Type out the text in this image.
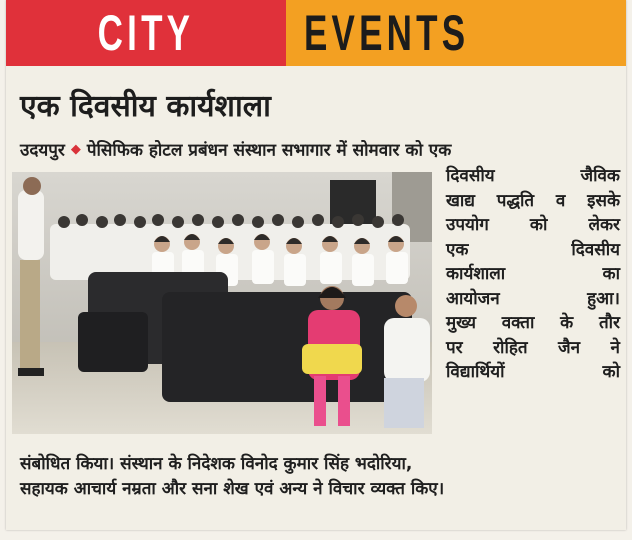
CITY EVENTS
एक दिवसीय कार्यशाला
उदयपुर ◆ पेसिफिक होटल प्रबंधन संस्थान सभागार में सोमवार को एक
दिवसीय जैविक
खाद्य पद्धति व इसके
उपयोग को लेकर
एक दिवसीय
कार्यशाला का
आयोजन हुआ।
मुख्य वक्ता के तौर
पर रोहित जैन ने
विद्यार्थियों को
संबोधित किया। संस्थान के निदेशक विनोद कुमार सिंह भदोरिया,
सहायक आचार्य नम्रता और सना शेख एवं अन्य ने विचार व्यक्त किए।
